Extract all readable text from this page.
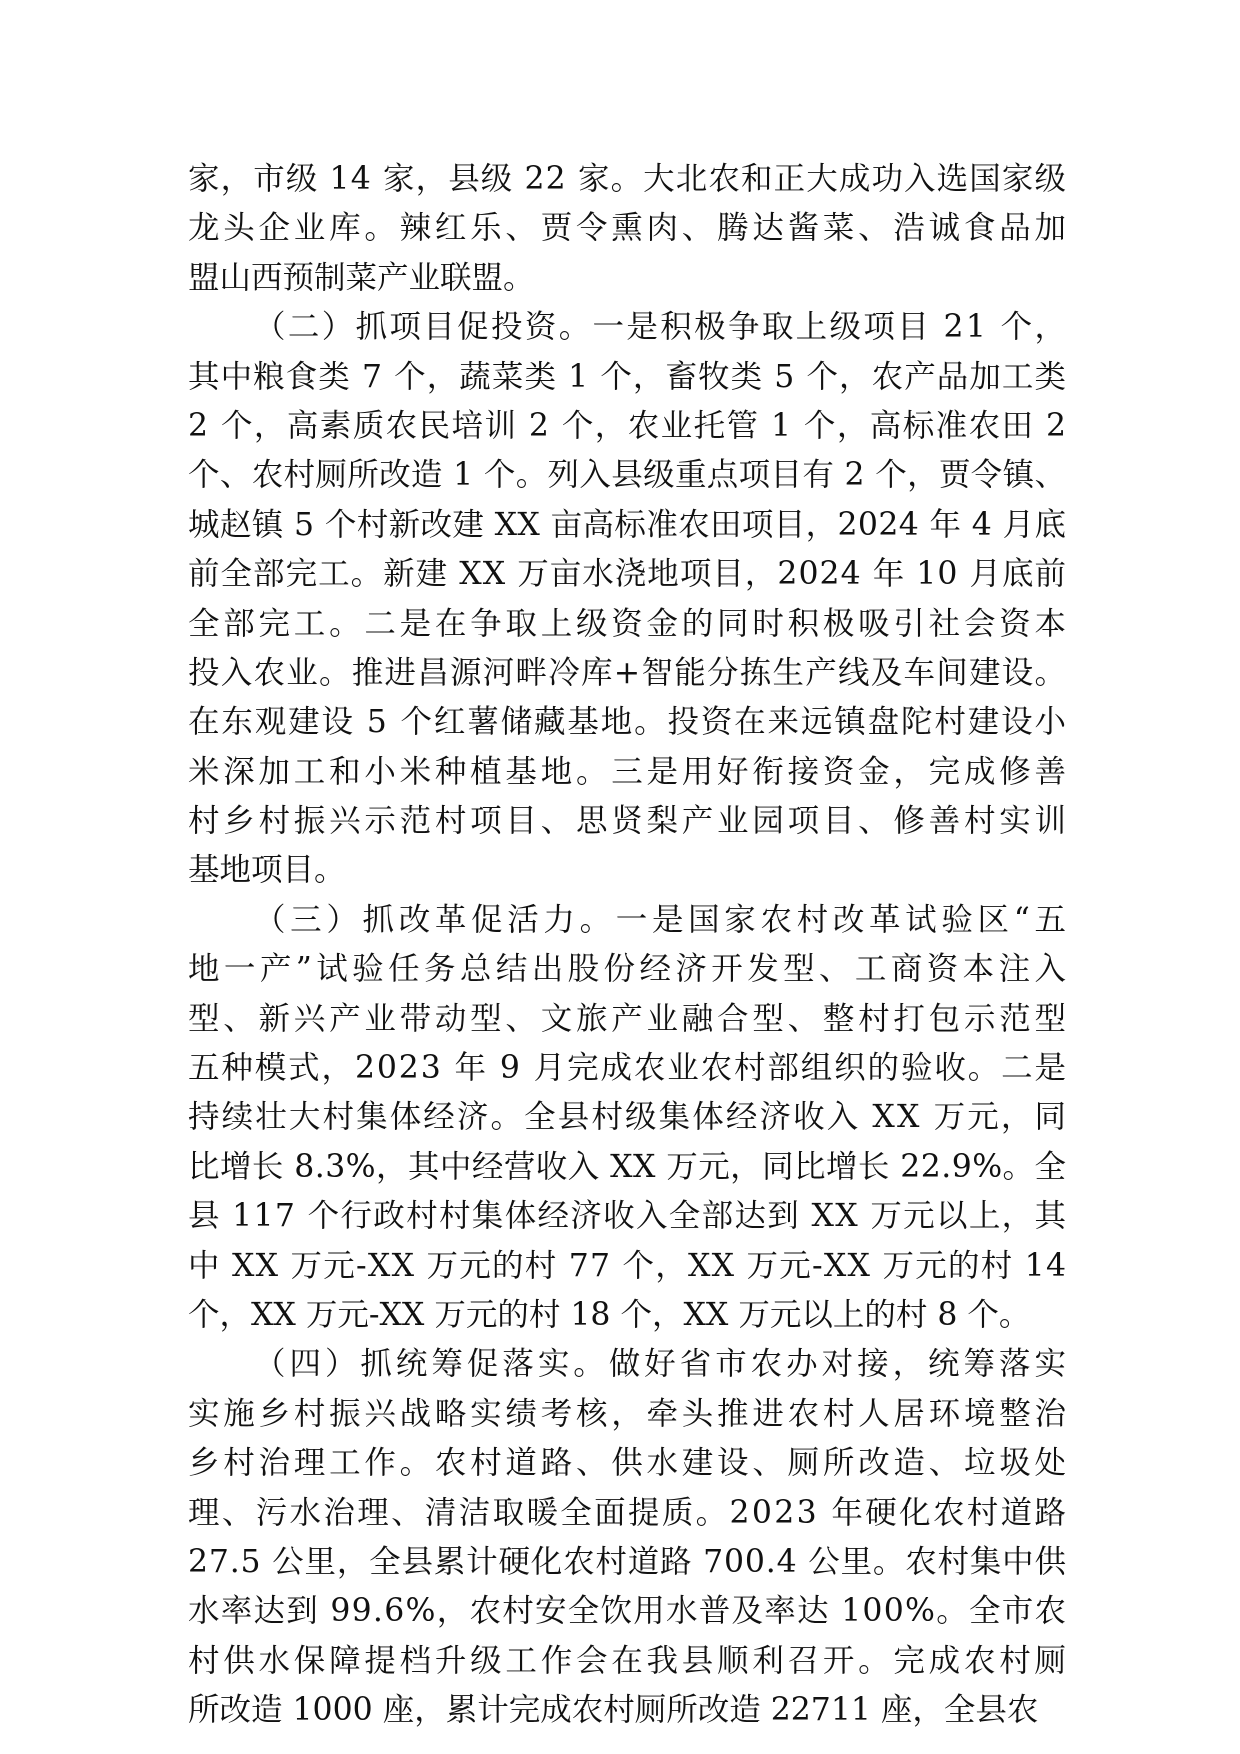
家，市级 14 家，县级 22 家。大北农和正大成功入选国家级
龙头企业库。辣红乐、贾令熏肉、腾达酱菜、浩诚食品加
盟山西预制菜产业联盟。
（二）抓项目促投资。一是积极争取上级项目 21 个，
其中粮食类 7 个，蔬菜类 1 个，畜牧类 5 个，农产品加工类
2 个，高素质农民培训 2 个，农业托管 1 个，高标准农田 2
个、农村厕所改造 1 个。列入县级重点项目有 2 个，贾令镇、
城赵镇 5 个村新改建 XX 亩高标准农田项目，2024 年 4 月底
前全部完工。新建 XX 万亩水浇地项目，2024 年 10 月底前
全部完工。二是在争取上级资金的同时积极吸引社会资本
投入农业。推进昌源河畔冷库+智能分拣生产线及车间建设。
在东观建设 5 个红薯储藏基地。投资在来远镇盘陀村建设小
米深加工和小米种植基地。三是用好衔接资金，完成修善
村乡村振兴示范村项目、思贤梨产业园项目、修善村实训
基地项目。
（三）抓改革促活力。一是国家农村改革试验区“五
地一产”试验任务总结出股份经济开发型、工商资本注入
型、新兴产业带动型、文旅产业融合型、整村打包示范型
五种模式，2023 年 9 月完成农业农村部组织的验收。二是
持续壮大村集体经济。全县村级集体经济收入 XX 万元，同
比增长 8.3%，其中经营收入 XX 万元，同比增长 22.9%。全
县 117 个行政村村集体经济收入全部达到 XX 万元以上，其
中 XX 万元-XX 万元的村 77 个，XX 万元-XX 万元的村 14
个，XX 万元-XX 万元的村 18 个，XX 万元以上的村 8 个。
（四）抓统筹促落实。做好省市农办对接，统筹落实
实施乡村振兴战略实绩考核，牵头推进农村人居环境整治
乡村治理工作。农村道路、供水建设、厕所改造、垃圾处
理、污水治理、清洁取暖全面提质。2023 年硬化农村道路
27.5 公里，全县累计硬化农村道路 700.4 公里。农村集中供
水率达到 99.6%，农村安全饮用水普及率达 100%。全市农
村供水保障提档升级工作会在我县顺利召开。完成农村厕
所改造 1000 座，累计完成农村厕所改造 22711 座，全县农
